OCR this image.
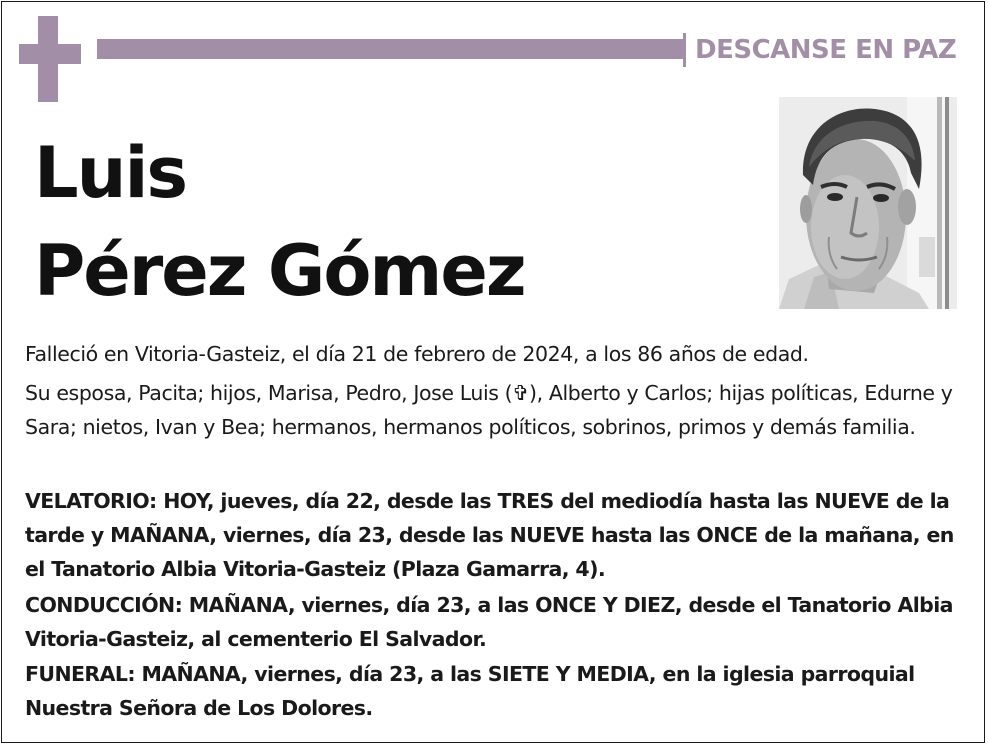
DESCANSE EN PAZ
Luis
Pérez Gómez

Falleció en Vitoria-Gasteiz, el día 21 de febrero de 2024, a los 86 años de edad.

Su esposa, Pacita; hijos, Marisa, Pedro, Jose Luis (✞), Alberto y Carlos; hijas políticas, Edurne y Sara; nietos, Ivan y Bea; hermanos, hermanos políticos, sobrinos, primos y demás familia.

VELATORIO: HOY, jueves, día 22, desde las TRES del mediodía hasta las NUEVE de la tarde y MAÑANA, viernes, día 23, desde las NUEVE hasta las ONCE de la mañana, en el Tanatorio Albia Vitoria-Gasteiz (Plaza Gamarra, 4).

CONDUCCIÓN: MAÑANA, viernes, día 23, a las ONCE Y DIEZ, desde el Tanatorio Albia Vitoria-Gasteiz, al cementerio El Salvador.

FUNERAL: MAÑANA, viernes, día 23, a las SIETE Y MEDIA, en la iglesia parroquial Nuestra Señora de Los Dolores.
